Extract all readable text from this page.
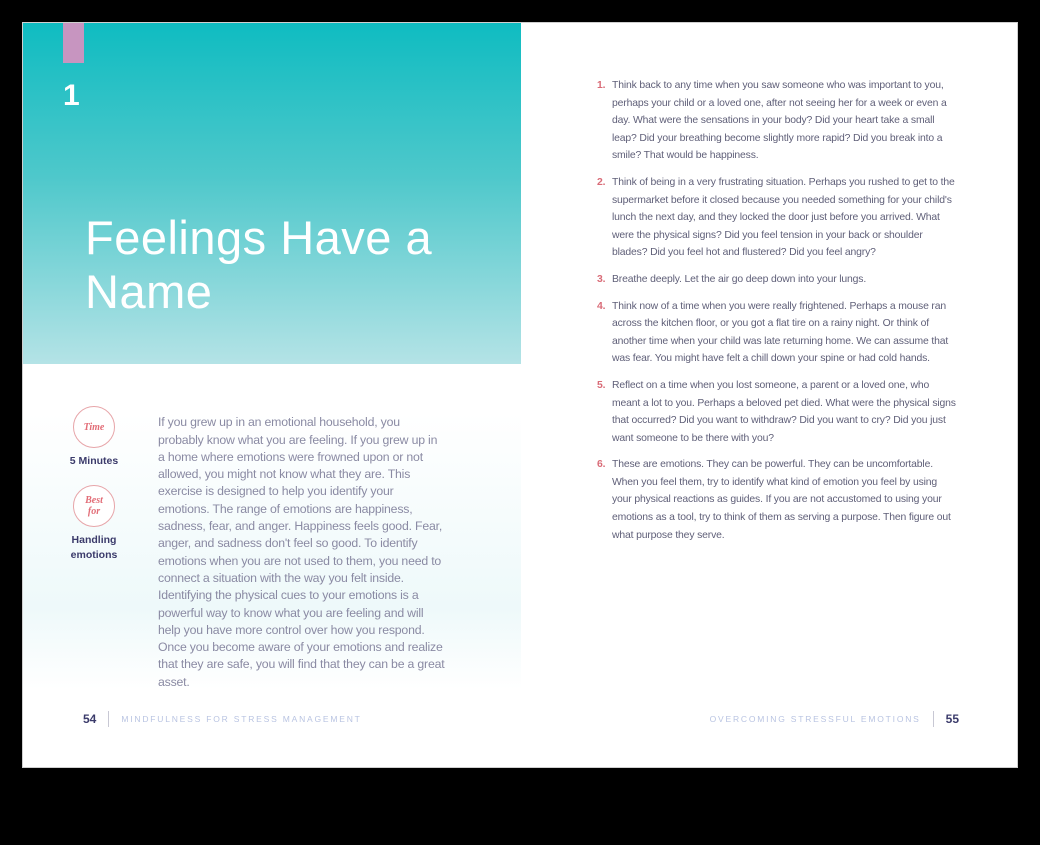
1
Feelings Have a Name
Time
5 Minutes
Best
for
Handling
emotions

If you grew up in an emotional household, you probably know what you are feeling. If you grew up in a home where emotions were frowned upon or not allowed, you might not know what they are. This exercise is designed to help you identify your emotions. The range of emotions are happiness, sadness, fear, and anger. Happiness feels good. Fear, anger, and sadness don't feel so good. To identify emotions when you are not used to them, you need to connect a situation with the way you felt inside. Identifying the physical cues to your emotions is a powerful way to know what you are feeling and will help you have more control over how you respond. Once you become aware of your emotions and realize that they are safe, you will find that they can be a great asset.

54	MINDFULNESS FOR STRESS MANAGEMENT
1. Think back to any time when you saw someone who was important to you, perhaps your child or a loved one, after not seeing her for a week or even a day. What were the sensations in your body? Did your heart take a small leap? Did your breathing become slightly more rapid? Did you break into a smile? That would be happiness.
2. Think of being in a very frustrating situation. Perhaps you rushed to get to the supermarket before it closed because you needed something for your child's lunch the next day, and they locked the door just before you arrived. What were the physical signs? Did you feel tension in your back or shoulder blades? Did you feel hot and flustered? Did you feel angry?
3. Breathe deeply. Let the air go deep down into your lungs.
4. Think now of a time when you were really frightened. Perhaps a mouse ran across the kitchen floor, or you got a flat tire on a rainy night. Or think of another time when your child was late returning home. We can assume that was fear. You might have felt a chill down your spine or had cold hands.
5. Reflect on a time when you lost someone, a parent or a loved one, who meant a lot to you. Perhaps a beloved pet died. What were the physical signs that occurred? Did you want to withdraw? Did you want to cry? Did you just want someone to be there with you?
6. These are emotions. They can be powerful. They can be uncomfortable. When you feel them, try to identify what kind of emotion you feel by using your physical reactions as guides. If you are not accustomed to using your emotions as a tool, try to think of them as serving a purpose. Then figure out what purpose they serve.
OVERCOMING STRESSFUL EMOTIONS 55
